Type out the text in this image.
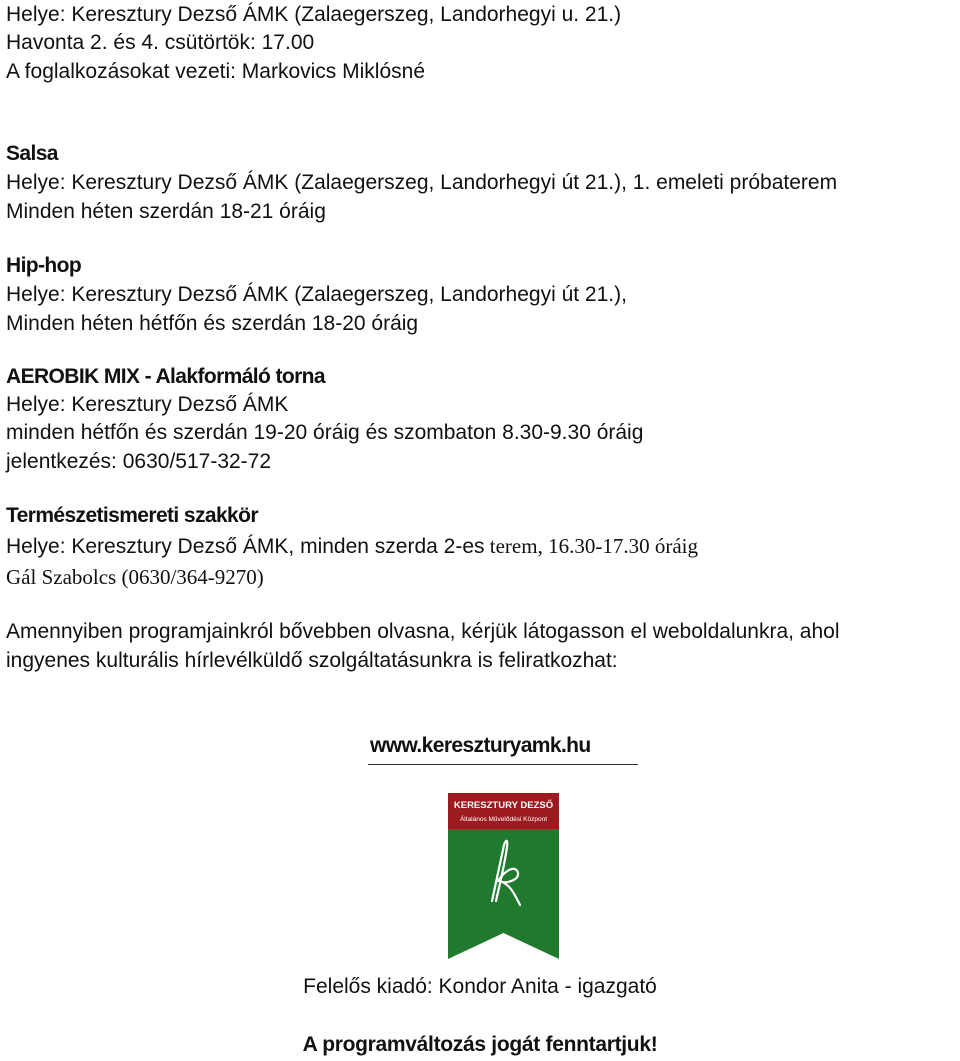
Helye: Keresztury Dezső ÁMK (Zalaegerszeg, Landorhegyi u. 21.)
Havonta 2. és 4. csütörtök: 17.00
A foglalkozásokat vezeti: Markovics Miklósné
Salsa
Helye: Keresztury Dezső ÁMK (Zalaegerszeg, Landorhegyi út 21.), 1. emeleti próbaterem
Minden héten szerdán 18-21 óráig
Hip-hop
Helye: Keresztury Dezső ÁMK (Zalaegerszeg, Landorhegyi út 21.),
Minden héten hétfőn és szerdán 18-20 óráig
AEROBIK MIX - Alakformáló torna
Helye: Keresztury Dezső ÁMK
minden hétfőn és szerdán 19-20 óráig és szombaton 8.30-9.30 óráig
jelentkezés: 0630/517-32-72
Természetismereti szakkör
Helye: Keresztury Dezső ÁMK, minden szerda 2-es terem, 16.30-17.30 óráig
Gál Szabolcs (0630/364-9270)
Amennyiben programjainkról bővebben olvasna, kérjük látogasson el weboldalunkra, ahol
ingyenes kulturális hírlevélküldő szolgáltatásunkra is feliratkozhat:
www.kereszturyamk.hu
KERESZTURY DEZSŐ
Általános Művelődési Központ
Felelős kiadó: Kondor Anita - igazgató
A programváltozás jogát fenntartjuk!
